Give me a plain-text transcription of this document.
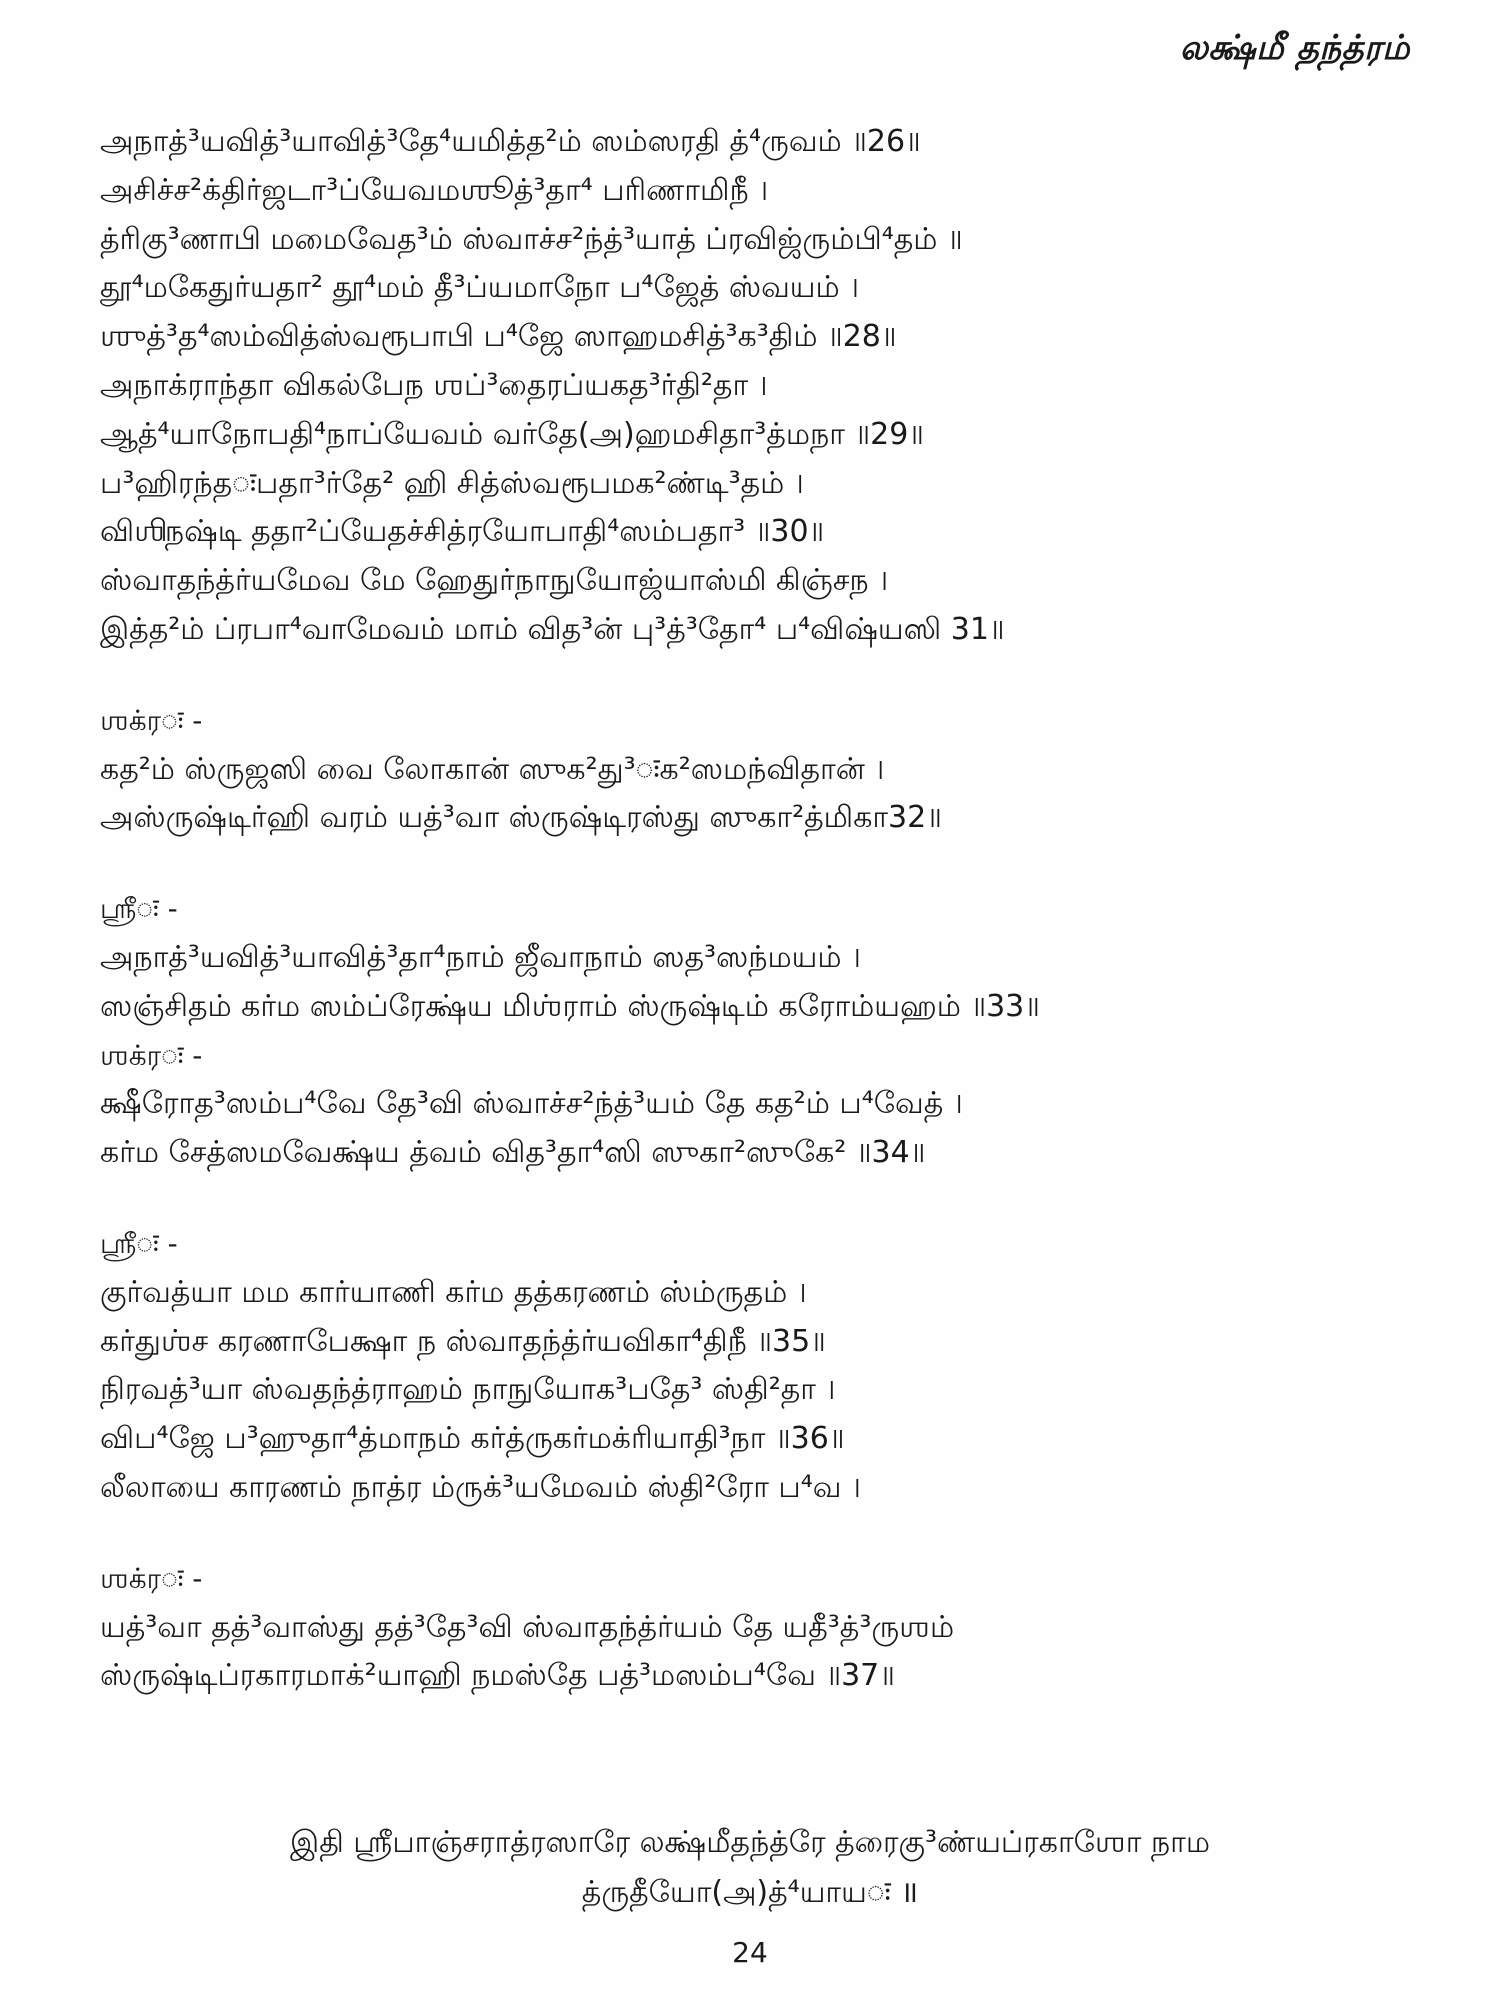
லக்ஷ்மீ தந்த்ரம்
அநாத்³யவித்³யாவித்³தே⁴யமித்த²ம் ஸம்ஸரதி த்⁴ருவம் ॥26॥
அசிச்ச²க்திர்ஜடா³ப்யேவமஶூத்³தா⁴ பரிணாமிநீ ।
த்ரிகு³ணாபி மமைவேத³ம் ஸ்வாச்ச²ந்த்³யாத் ப்ரவிஜ்ரும்பி⁴தம் ॥
தூ⁴மகேதுர்யதா² தூ⁴மம் தீ³ப்யமாநோ ப⁴ஜேத் ஸ்வயம் ।
ஶுத்³த⁴ஸம்வித்ஸ்வரூபாபி ப⁴ஜே ஸாஹமசித்³க³திம் ॥28॥
அநாக்ராந்தா விகல்பேந ஶப்³தைரப்யகத³ர்தி²தா ।
ஆத்⁴யாநோபதி⁴நாப்யேவம் வர்தே(அ)ஹமசிதா³த்மநா ॥29॥
ப³ஹிரந்தःபதா³ர்தே² ஹி சித்ஸ்வரூபமக²ண்டி³தம் ।
விஶிநஷ்டி ததா²ப்யேதச்சித்ரயோபாதி⁴ஸம்பதா³ ॥30॥
ஸ்வாதந்த்ர்யமேவ மே ஹேதுர்நாநுயோஜ்யாஸ்மி கிஞ்சந ।
இத்த²ம் ப்ரபா⁴வாமேவம் மாம் வித³ன் பு³த்³தோ⁴ ப⁴விஷ்யஸி 31॥
ஶக்ரः -
கத²ம் ஸ்ருஜஸி வை லோகான் ஸுக²து³ःக²ஸமந்விதான் ।
அஸ்ருஷ்டிர்ஹி வரம் யத்³வா ஸ்ருஷ்டிரஸ்து ஸுகா²த்மிகா32॥
ஸ்ரீः -
அநாத்³யவித்³யாவித்³தா⁴நாம் ஜீவாநாம் ஸத³ஸந்மயம் ।
ஸஞ்சிதம் கர்ம ஸம்ப்ரேக்ஷ்ய மிஶ்ராம் ஸ்ருஷ்டிம் கரோம்யஹம் ॥33॥
ஶக்ரः -
க்ஷீரோத³ஸம்ப⁴வே தே³வி ஸ்வாச்ச²ந்த்³யம் தே கத²ம் ப⁴வேத் ।
கர்ம சேத்ஸமவேக்ஷ்ய த்வம் வித³தா⁴ஸி ஸுகா²ஸுகே² ॥34॥
ஸ்ரீः -
குர்வத்யா மம கார்யாணி கர்ம தத்கரணம் ஸ்ம்ருதம் ।
கர்துஶ்ச கரணாபேக்ஷா ந ஸ்வாதந்த்ர்யவிகா⁴திநீ ॥35॥
நிரவத்³யா ஸ்வதந்த்ராஹம் நாநுயோக³பதே³ ஸ்தி²தா ।
விப⁴ஜே ப³ஹுதா⁴த்மாநம் கர்த்ருகர்மக்ரியாதி³நா ॥36॥
லீலாயை காரணம் நாத்ர ம்ருக்³யமேவம் ஸ்தி²ரோ ப⁴வ ।
ஶக்ரः -
யத்³வா தத்³வாஸ்து தத்³தே³வி ஸ்வாதந்த்ர்யம் தே யதீ³த்³ருஶம்
ஸ்ருஷ்டிப்ரகாரமாக்²யாஹி நமஸ்தே பத்³மஸம்ப⁴வே ॥37॥
இதி ஸ்ரீபாஞ்சராத்ரஸாரே லக்ஷ்மீதந்த்ரே த்ரைகு³ண்யப்ரகாஶோ நாம
த்ருதீயோ(அ)த்⁴யாயः ॥
24
